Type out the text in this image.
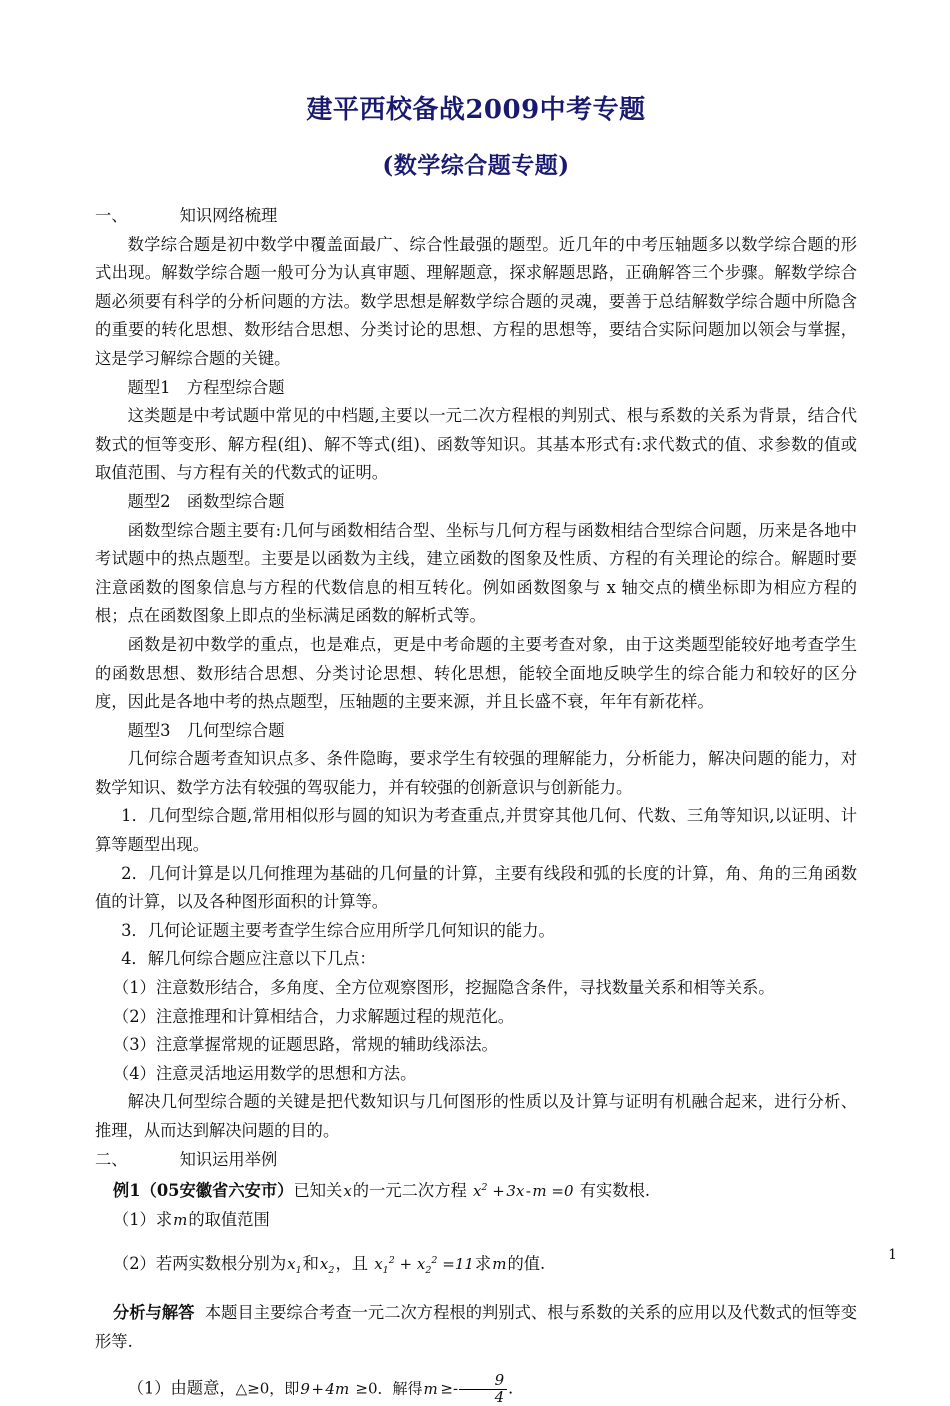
建平西校备战2009中考专题
(数学综合题专题)

一、	知识网络梳理

数学综合题是初中数学中覆盖面最广、综合性最强的题型。近几年的中考压轴题多以数学综合题的形式出现。解数学综合题一般可分为认真审题、理解题意，探求解题思路，正确解答三个步骤。解数学综合题必须要有科学的分析问题的方法。数学思想是解数学综合题的灵魂，要善于总结解数学综合题中所隐含的重要的转化思想、数形结合思想、分类讨论的思想、方程的思想等，要结合实际问题加以领会与掌握，这是学习解综合题的关键。

题型1　方程型综合题

这类题是中考试题中常见的中档题,主要以一元二次方程根的判别式、根与系数的关系为背景，结合代数式的恒等变形、解方程(组)、解不等式(组)、函数等知识。其基本形式有:求代数式的值、求参数的值或取值范围、与方程有关的代数式的证明。

题型2　函数型综合题

函数型综合题主要有:几何与函数相结合型、坐标与几何方程与函数相结合型综合问题，历来是各地中考试题中的热点题型。主要是以函数为主线，建立函数的图象及性质、方程的有关理论的综合。解题时要注意函数的图象信息与方程的代数信息的相互转化。例如函数图象与 x 轴交点的横坐标即为相应方程的根；点在函数图象上即点的坐标满足函数的解析式等。

函数是初中数学的重点，也是难点，更是中考命题的主要考查对象，由于这类题型能较好地考查学生的函数思想、数形结合思想、分类讨论思想、转化思想，能较全面地反映学生的综合能力和较好的区分度，因此是各地中考的热点题型，压轴题的主要来源，并且长盛不衰，年年有新花样。

题型3　几何型综合题

几何综合题考查知识点多、条件隐晦，要求学生有较强的理解能力，分析能力，解决问题的能力，对数学知识、数学方法有较强的驾驭能力，并有较强的创新意识与创新能力。

1．几何型综合题,常用相似形与圆的知识为考查重点,并贯穿其他几何、代数、三角等知识,以证明、计算等题型出现。

2．几何计算是以几何推理为基础的几何量的计算，主要有线段和弧的长度的计算，角、角的三角函数值的计算，以及各种图形面积的计算等。

3．几何论证题主要考查学生综合应用所学几何知识的能力。

4．解几何综合题应注意以下几点：

（1）注意数形结合，多角度、全方位观察图形，挖掘隐含条件，寻找数量关系和相等关系。

（2）注意推理和计算相结合，力求解题过程的规范化。

（3）注意掌握常规的证题思路，常规的辅助线添法。

（4）注意灵活地运用数学的思想和方法。

解决几何型综合题的关键是把代数知识与几何图形的性质以及计算与证明有机融合起来，进行分析、推理，从而达到解决问题的目的。

二、	知识运用举例

例1（05安徽省六安市）已知关x的一元二次方程 $x^2$ + 3x - m =0 有实数根.

（1）求m的取值范围

（2）若两实数根分别为$x_1$和$x_2$，且 $x_1^2 + x_2^2 =11$求m的值.

分析与解答 本题目主要综合考查一元二次方程根的判别式、根与系数的关系的应用以及代数式的恒等变形等.

（1）由题意，△≥0，即9 + 4m ≥0．解得m  ≥- $\frac{9}{4}$ ．

1
